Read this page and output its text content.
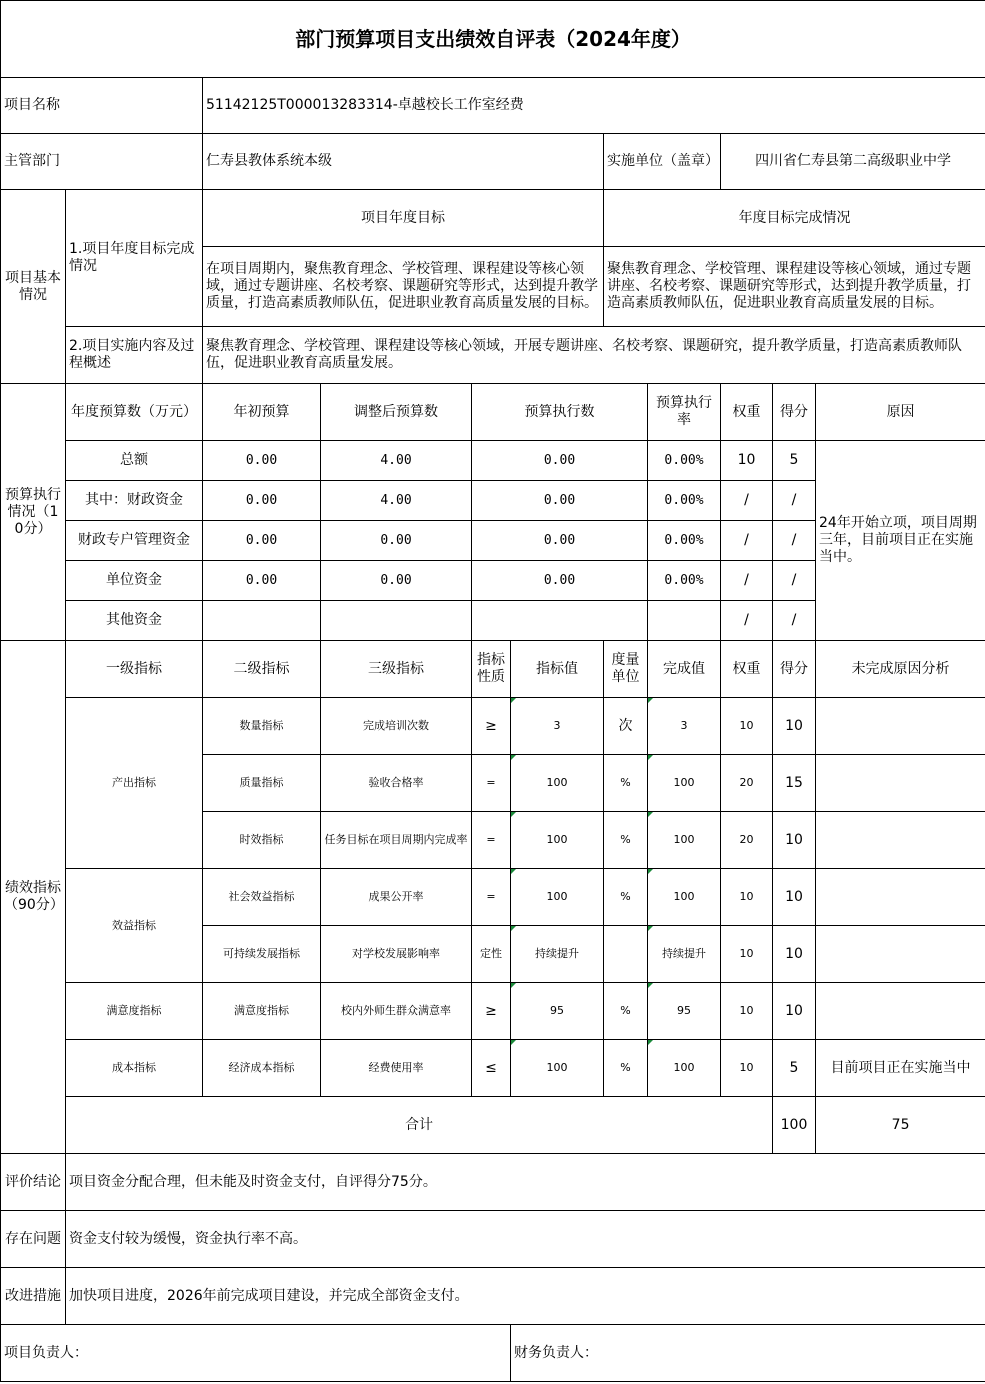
部门预算项目支出绩效自评表（2024年度）											
项目名称		51142125T000013283314-卓越校长工作室经费									
主管部门		仁寿县教体系统本级				实施单位（盖章）		四川省仁寿县第二高级职业中学			
项目基本情况	1.项目年度目标完成情况	项目年度目标				年度目标完成情况					
		在项目周期内，聚焦教育理念、学校管理、课程建设等核心领域，通过专题讲座、名校考察、课题研究等形式，达到提升教学质量，打造高素质教师队伍，促进职业教育高质量发展的目标。				聚焦教育理念、学校管理、课程建设等核心领域，通过专题讲座、名校考察、课题研究等形式，达到提升教学质量，打造高素质教师队伍，促进职业教育高质量发展的目标。					
	2.项目实施内容及过程概述	聚焦教育理念、学校管理、课程建设等核心领域，开展专题讲座、名校考察、课题研究，提升教学质量，打造高素质教师队伍，促进职业教育高质量发展。									
预算执行情况（10分）	年度预算数（万元）	年初预算	调整后预算数	预算执行数			预算执行率	权重	得分	原因	
	总额	0.00	4.00	0.00			0.00%	10	5	24年开始立项，项目周期三年，目前项目正在实施当中。	
	其中：财政资金	0.00	4.00	0.00			0.00%	/	/		
	财政专户管理资金	0.00	0.00	0.00			0.00%	/	/		
	单位资金	0.00	0.00	0.00			0.00%	/	/		
	其他资金							/	/		
绩效指标（90分）	一级指标	二级指标	三级指标	指标性质	指标值	度量单位	完成值	权重	得分	未完成原因分析	
	产出指标	数量指标	完成培训次数	≥	3	次	3	10	10		
		质量指标	验收合格率	=	100	%	100	20	15		
		时效指标	任务目标在项目周期内完成率	=	100	%	100	20	10		
	效益指标	社会效益指标	成果公开率	=	100	%	100	10	10		
		可持续发展指标	对学校发展影响率	定性	持续提升		持续提升	10	10		
	满意度指标	满意度指标	校内外师生群众满意率	≥	95	%	95	10	10		
	成本指标	经济成本指标	经费使用率	≤	100	%	100	10	5	目前项目正在实施当中	
	合计								100	75	
评价结论	项目资金分配合理，但未能及时资金支付，自评得分75分。										
存在问题	资金支付较为缓慢，资金执行率不高。										
改进措施	加快项目进度，2026年前完成项目建设，并完成全部资金支付。										
项目负责人：					财务负责人：						
